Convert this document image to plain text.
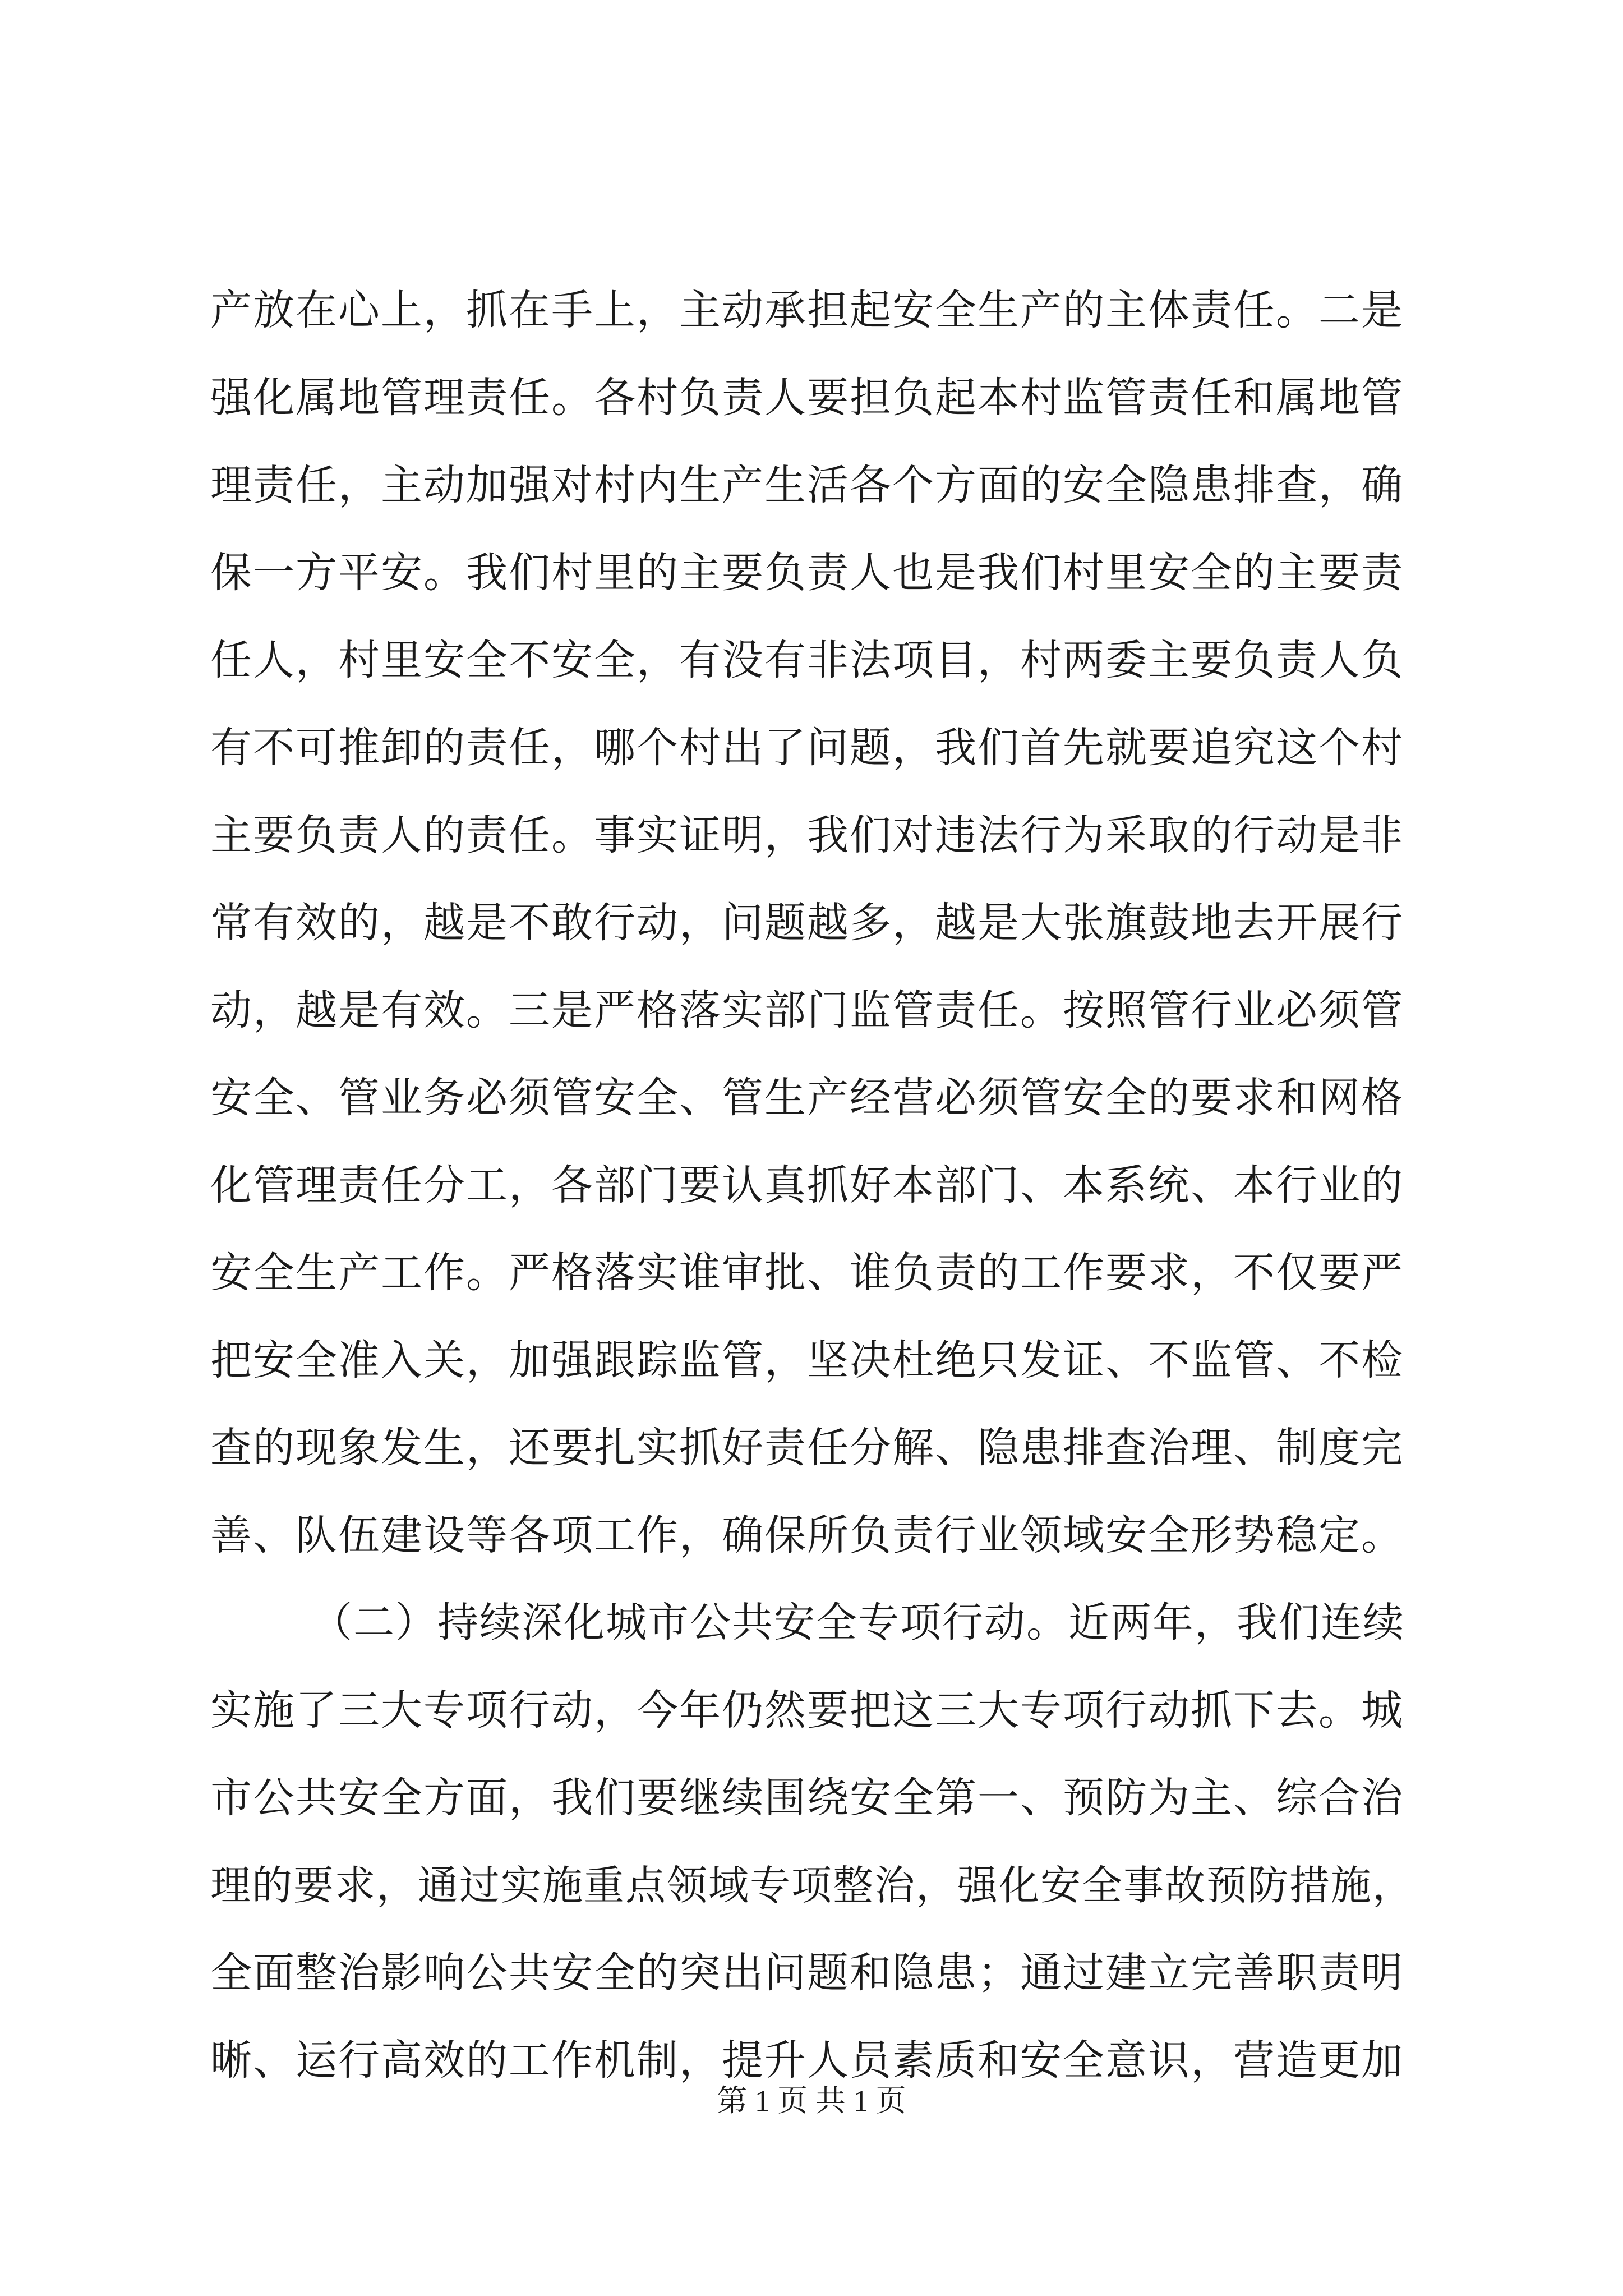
产放在心上，抓在手上，主动承担起安全生产的主体责任。二是
强化属地管理责任。各村负责人要担负起本村监管责任和属地管
理责任，主动加强对村内生产生活各个方面的安全隐患排查，确
保一方平安。我们村里的主要负责人也是我们村里安全的主要责
任人，村里安全不安全，有没有非法项目，村两委主要负责人负
有不可推卸的责任，哪个村出了问题，我们首先就要追究这个村
主要负责人的责任。事实证明，我们对违法行为采取的行动是非
常有效的，越是不敢行动，问题越多，越是大张旗鼓地去开展行
动，越是有效。三是严格落实部门监管责任。按照管行业必须管
安全、管业务必须管安全、管生产经营必须管安全的要求和网格
化管理责任分工，各部门要认真抓好本部门、本系统、本行业的
安全生产工作。严格落实谁审批、谁负责的工作要求，不仅要严
把安全准入关，加强跟踪监管，坚决杜绝只发证、不监管、不检
查的现象发生，还要扎实抓好责任分解、隐患排查治理、制度完
善、队伍建设等各项工作，确保所负责行业领域安全形势稳定。
（二）持续深化城市公共安全专项行动。近两年，我们连续
实施了三大专项行动，今年仍然要把这三大专项行动抓下去。城
市公共安全方面，我们要继续围绕安全第一、预防为主、综合治
理的要求，通过实施重点领域专项整治，强化安全事故预防措施，
全面整治影响公共安全的突出问题和隐患；通过建立完善职责明
晰、运行高效的工作机制，提升人员素质和安全意识，营造更加
第 1 页 共 1 页
